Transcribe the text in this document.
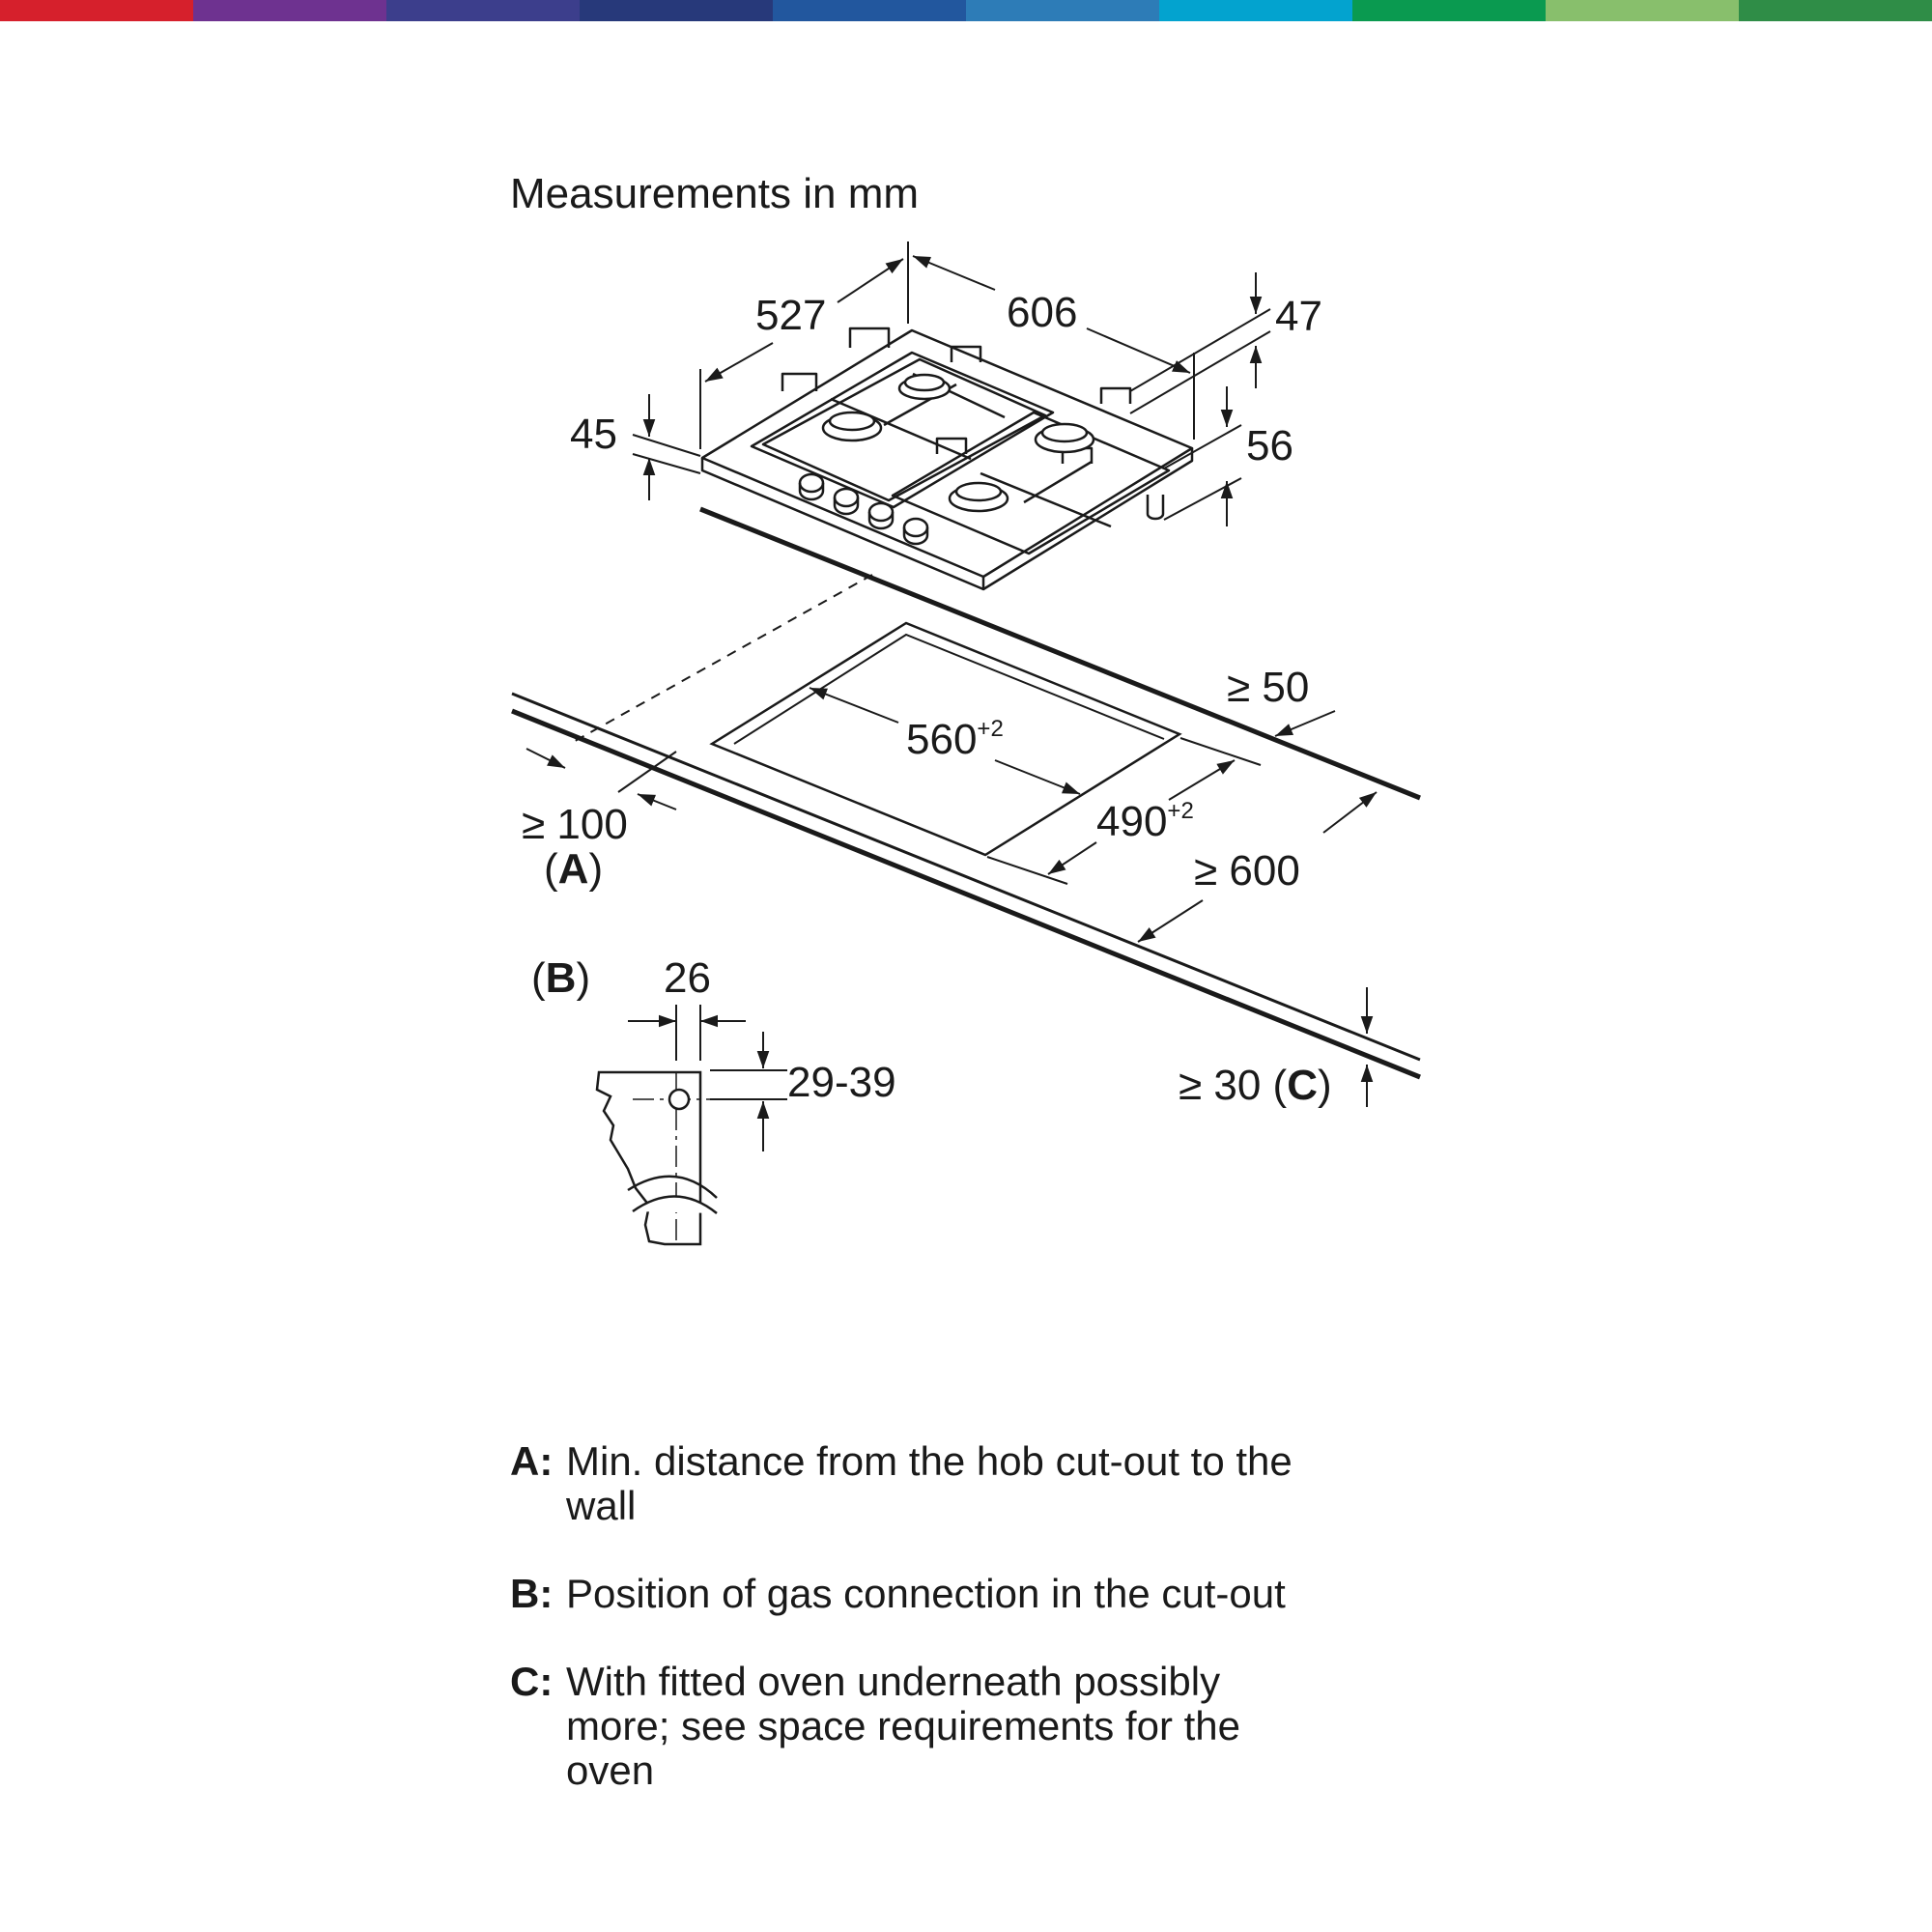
Measurements in mm
527	606	47
45	56
$560^{+2}$
$490^{+2}$
≥ 50
≥ 100
(A)	≥ 600
≥ 30 (C)
(B) 26
29-39
A: Min. distance from the hob cut-out to the wall
B: Position of gas connection in the cut-out
C: With fitted oven underneath possibly more; see space requirements for the oven
